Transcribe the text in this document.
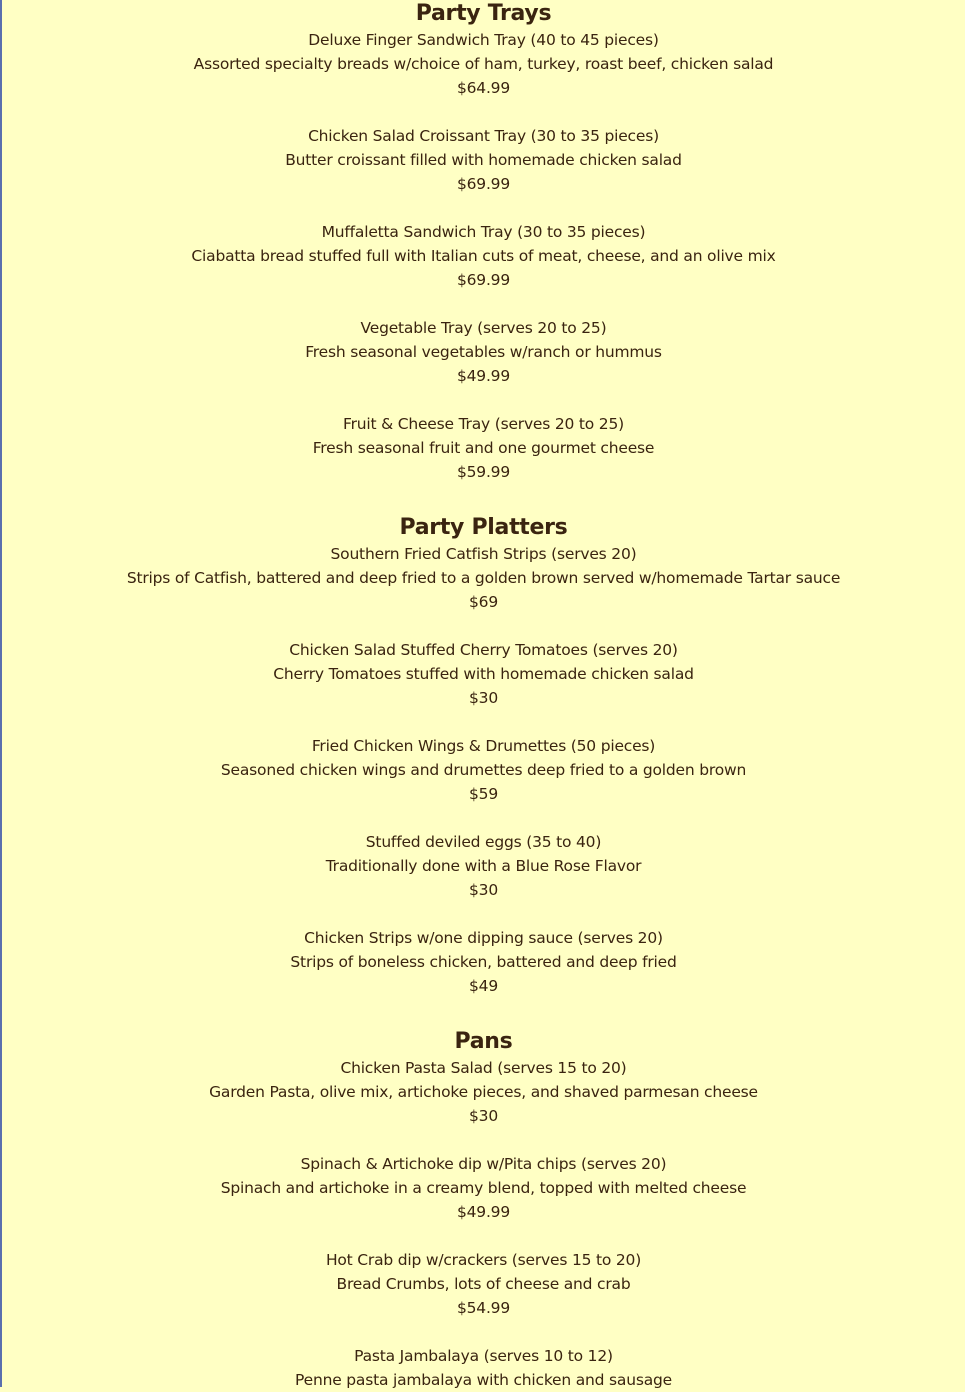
Party Trays
Deluxe Finger Sandwich Tray (40 to 45 pieces)
Assorted specialty breads w/choice of ham, turkey, roast beef, chicken salad
$64.99
Chicken Salad Croissant Tray (30 to 35 pieces)
Butter croissant filled with homemade chicken salad
$69.99
Muffaletta Sandwich Tray (30 to 35 pieces)
Ciabatta bread stuffed full with Italian cuts of meat, cheese, and an olive mix
$69.99
Vegetable Tray (serves 20 to 25)
Fresh seasonal vegetables w/ranch or hummus
$49.99
Fruit & Cheese Tray (serves 20 to 25)
Fresh seasonal fruit and one gourmet cheese
$59.99
Party Platters
Southern Fried Catfish Strips (serves 20)
Strips of Catfish, battered and deep fried to a golden brown served w/homemade Tartar sauce
$69
Chicken Salad Stuffed Cherry Tomatoes (serves 20)
Cherry Tomatoes stuffed with homemade chicken salad
$30
Fried Chicken Wings & Drumettes (50 pieces)
Seasoned chicken wings and drumettes deep fried to a golden brown
$59
Stuffed deviled eggs (35 to 40)
Traditionally done with a Blue Rose Flavor
$30
Chicken Strips w/one dipping sauce (serves 20)
Strips of boneless chicken, battered and deep fried
$49
Pans
Chicken Pasta Salad (serves 15 to 20)
Garden Pasta, olive mix, artichoke pieces, and shaved parmesan cheese
$30
Spinach & Artichoke dip w/Pita chips (serves 20)
Spinach and artichoke in a creamy blend, topped with melted cheese
$49.99
Hot Crab dip w/crackers (serves 15 to 20)
Bread Crumbs, lots of cheese and crab
$54.99
Pasta Jambalaya (serves 10 to 12)
Penne pasta jambalaya with chicken and sausage
